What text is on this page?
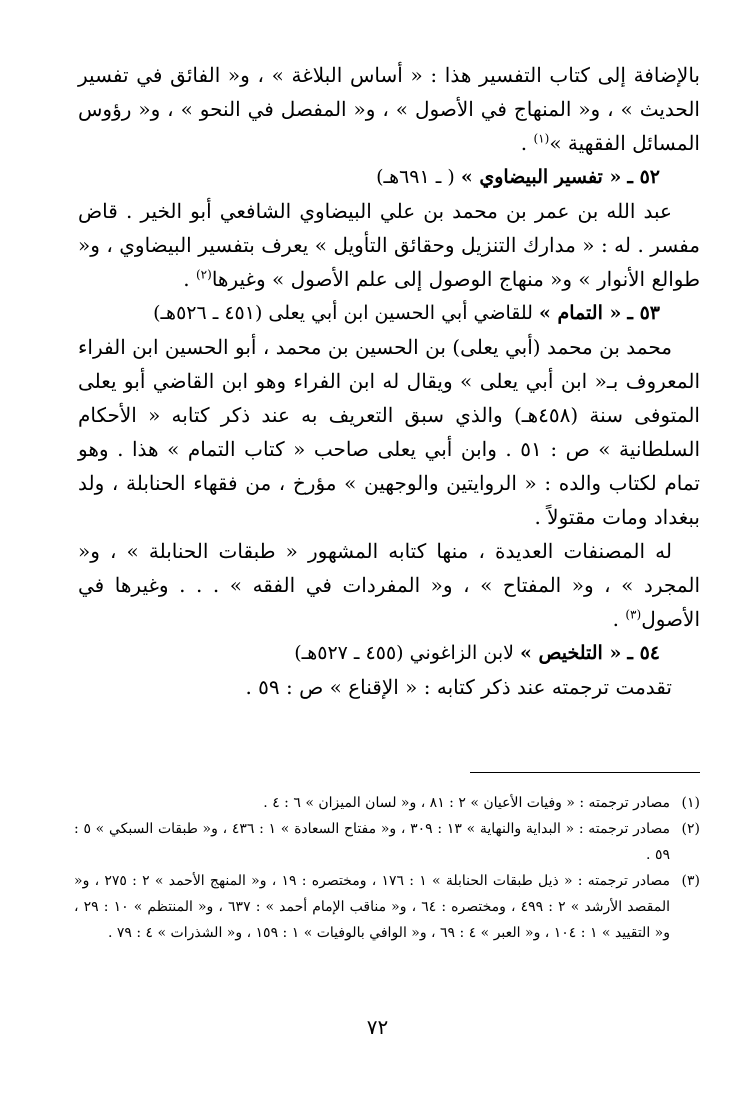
بالإضافة إلى كتاب التفسير هذا : « أساس البلاغة » ، و« الفائق في تفسير الحديث » ، و« المنهاج في الأصول » ، و« المفصل في النحو » ، و« رؤوس المسائل الفقهية »$^{(١)}$ .

٥٢ ـ « تفسير البيضاوي » ( ـ ٦٩١هـ)

عبد الله بن عمر بن محمد بن علي البيضاوي الشافعي أبو الخير . قاض مفسر . له : « مدارك التنزيل وحقائق التأويل » يعرف بتفسير البيضاوي ، و« طوالع الأنوار » و« منهاج الوصول إلى علم الأصول » وغيرها$^{(٢)}$ .

٥٣ ـ « التمام » للقاضي أبي الحسين ابن أبي يعلى (٤٥١ ـ ٥٢٦هـ)

محمد بن محمد (أبي يعلى) بن الحسين بن محمد ، أبو الحسين ابن الفراء المعروف بـ« ابن أبي يعلى » ويقال له ابن الفراء وهو ابن القاضي أبو يعلى المتوفى سنة (٤٥٨هـ) والذي سبق التعريف به عند ذكر كتابه « الأحكام السلطانية » ص : ٥١ . وابن أبي يعلى صاحب « كتاب التمام » هذا . وهو تمام لكتاب والده : « الروايتين والوجهين » مؤرخ ، من فقهاء الحنابلة ، ولد ببغداد ومات مقتولاً .

له المصنفات العديدة ، منها كتابه المشهور « طبقات الحنابلة » ، و« المجرد » ، و« المفتاح » ، و« المفردات في الفقه » . . . وغيرها في الأصول$^{(٣)}$ .

٥٤ ـ « التلخيص » لابن الزاغوني (٤٥٥ ـ ٥٢٧هـ)

تقدمت ترجمته عند ذكر كتابه : « الإقناع » ص : ٥٩ .

(١)
مصادر ترجمته : « وفيات الأعيان » ٢ : ٨١ ، و« لسان الميزان » ٦ : ٤ .
(٢)
مصادر ترجمته : « البداية والنهاية » ١٣ : ٣٠٩ ، و« مفتاح السعادة » ١ : ٤٣٦ ، و« طبقات السبكي » ٥ : ٥٩ .
(٣)
مصادر ترجمته : « ذيل طبقات الحنابلة » ١ : ١٧٦ ، ومختصره : ١٩ ، و« المنهج الأحمد » ٢ : ٢٧٥ ، و« المقصد الأرشد » ٢ : ٤٩٩ ، ومختصره : ٦٤ ، و« مناقب الإمام أحمد » : ٦٣٧ ، و« المنتظم » ١٠ : ٢٩ ، و« التقييد » ١ : ١٠٤ ، و« العبر » ٤ : ٦٩ ، و« الوافي بالوفيات » ١ : ١٥٩ ، و« الشذرات » ٤ : ٧٩ .
٧٢
